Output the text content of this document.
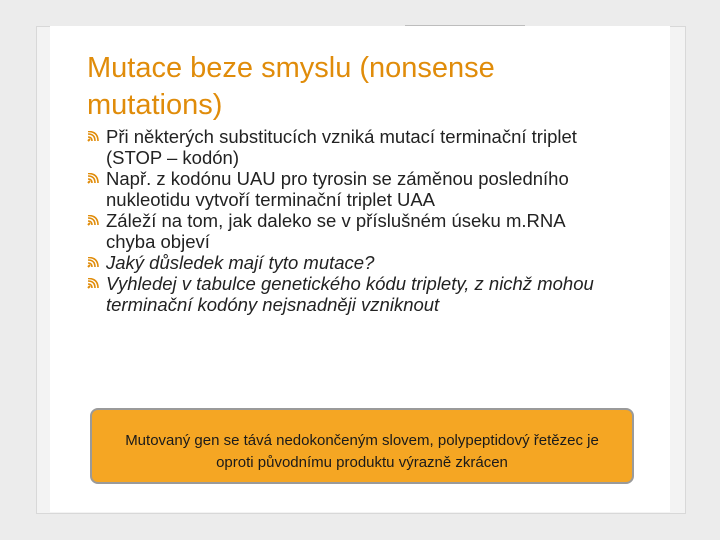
Mutace beze smyslu (nonsense mutations)
Při některých substitucích vzniká mutací terminační triplet (STOP – kodón)
Např. z kodónu UAU pro tyrosin se záměnou posledního nukleotidu vytvoří terminační triplet UAA
Záleží na tom, jak daleko se v příslušném úseku m.RNA chyba objeví
Jaký důsledek mají tyto mutace?
Vyhledej v tabulce genetického kódu triplety, z nichž mohou terminační kodóny nejsnadněji vzniknout
Mutovaný gen se tává nedokončeným slovem, polypeptidový řetězec je oproti původnímu produktu výrazně zkrácen
